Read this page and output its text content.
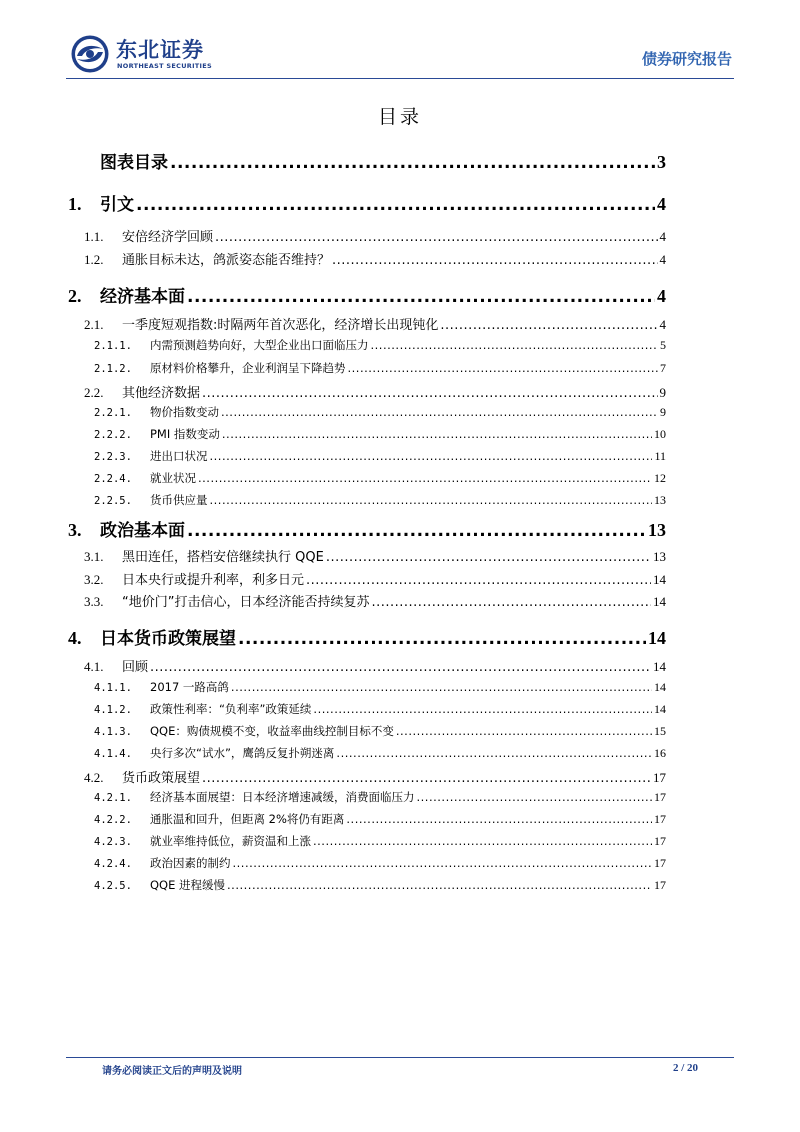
东北证券
NORTHEAST SECURITIES	债券研究报告
目录
图表目录 .....	3
1.	引文 .....	4
1.1.	安倍经济学回顾 .....	4
1.2.	通胀目标未达，鸽派姿态能否维持？ .....	4
2.	经济基本面 .....	4
2.1.	一季度短观指数:时隔两年首次恶化，经济增长出现钝化 .....	4
2.1.1.	内需预测趋势向好，大型企业出口面临压力 .....	5
2.1.2.	原材料价格攀升，企业利润呈下降趋势 .....	7
2.2.	其他经济数据 .....	9
2.2.1.	物价指数变动 .....	9
2.2.2.	PMI 指数变动 .....	10
2.2.3.	进出口状况 .....	11
2.2.4.	就业状况 .....	12
2.2.5.	货币供应量 .....	13
3.	政治基本面 .....	13
3.1.	黑田连任，搭档安倍继续执行 QQE .....	13
3.2.	日本央行或提升利率，利多日元 .....	14
3.3.	“地价门”打击信心，日本经济能否持续复苏 .....	14
4.	日本货币政策展望 .....	14
4.1.	回顾 .....	14
4.1.1.	2017 一路高鸽 .....	14
4.1.2.	政策性利率：“负利率”政策延续 .....	14
4.1.3.	QQE：购债规模不变，收益率曲线控制目标不变 .....	15
4.1.4.	央行多次“试水”，鹰鸽反复扑朔迷离 .....	16
4.2.	货币政策展望 .....	17
4.2.1.	经济基本面展望：日本经济增速减缓，消费面临压力 .....	17
4.2.2.	通胀温和回升，但距离 2%将仍有距离 .....	17
4.2.3.	就业率维持低位，薪资温和上涨 .....	17
4.2.4.	政治因素的制约 .....	17
4.2.5.	QQE 进程缓慢 .....	17
请务必阅读正文后的声明及说明	2 / 20
